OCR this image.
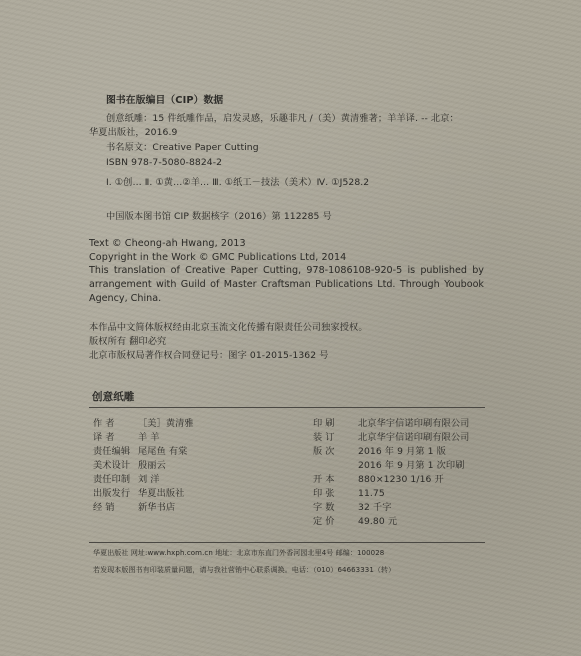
图书在版编目（CIP）数据
创意纸雕：15 件纸雕作品，启发灵感，乐趣非凡 /（美）黄清雅著；羊羊译. -- 北京：
华夏出版社，2016.9
书名原文：Creative Paper Cutting
ISBN 978-7-5080-8824-2
Ⅰ. ①创… Ⅱ. ①黄…②羊… Ⅲ. ①纸工－技法（美术）Ⅳ. ①J528.2
中国版本图书馆 CIP 数据核字（2016）第 112285 号
Text © Cheong-ah Hwang, 2013
Copyright in the Work © GMC Publications Ltd, 2014
This translation of Creative Paper Cutting, 978-1086108-920-5 is published by arrangement with Guild of Master Craftsman Publications Ltd. Through Youbook Agency, China.
本作品中文简体版权经由北京玉流文化传播有限责任公司独家授权。
版权所有 翻印必究
北京市版权局著作权合同登记号：图字 01-2015-1362 号
创意纸雕
作 者	［美］黄清雅
译 者	羊 羊
责任编辑 尾尾鱼 有棠
美术设计 殷丽云
责任印制 刘 洋
出版发行 华夏出版社
经 销	新华书店
印 刷	北京华宇信诺印刷有限公司
装 订	北京华宇信诺印刷有限公司
版 次	2016 年 9 月第 1 版
2016 年 9 月第 1 次印刷
开 本	880×1230 1/16 开
印 张	11.75
字 数	32 千字
定 价	49.80 元
华夏出版社 网址:www.hxph.com.cn 地址：北京市东直门外香河园北里4号 邮编：100028
若发现本版图书有印装质量问题，请与我社营销中心联系调换。电话：（010）64663331（转）
